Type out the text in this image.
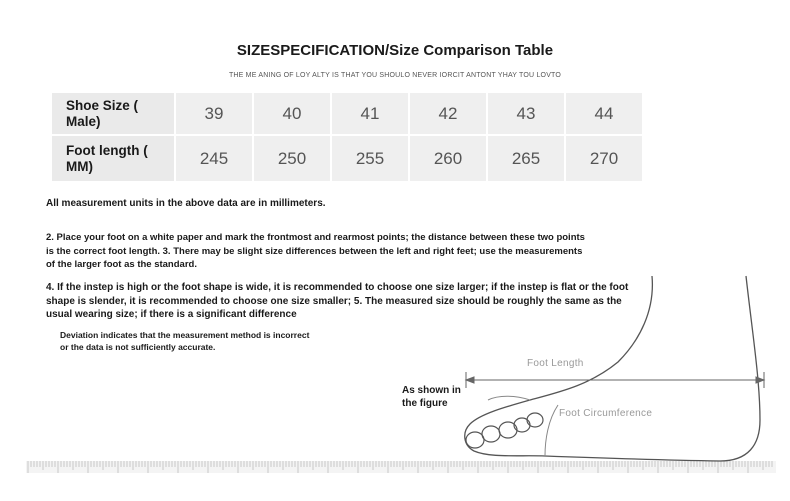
SIZESPECIFICATION/Size Comparison Table
THE ME ANING OF LOY ALTY IS THAT YOU SHOULO NEVER IORCIT ANTONT YHAY TOU LOVTO
Shoe Size ( Male)	39	40	41	42	43	44
Foot length ( MM)	245	250	255	260	265	270
All measurement units in the above data are in millimeters.
2. Place your foot on a white paper and mark the frontmost and rearmost points; the distance between these two points is the correct foot length. 3. There may be slight size differences between the left and right feet; use the measurements of the larger foot as the standard.
4. If the instep is high or the foot shape is wide, it is recommended to choose one size larger; if the instep is flat or the foot shape is slender, it is recommended to choose one size smaller; 5. The measured size should be roughly the same as the usual wearing size; if there is a significant difference
Deviation indicates that the measurement method is incorrect or the data is not sufficiently accurate.
Foot Length
Foot Circumference
As shown in the figure
